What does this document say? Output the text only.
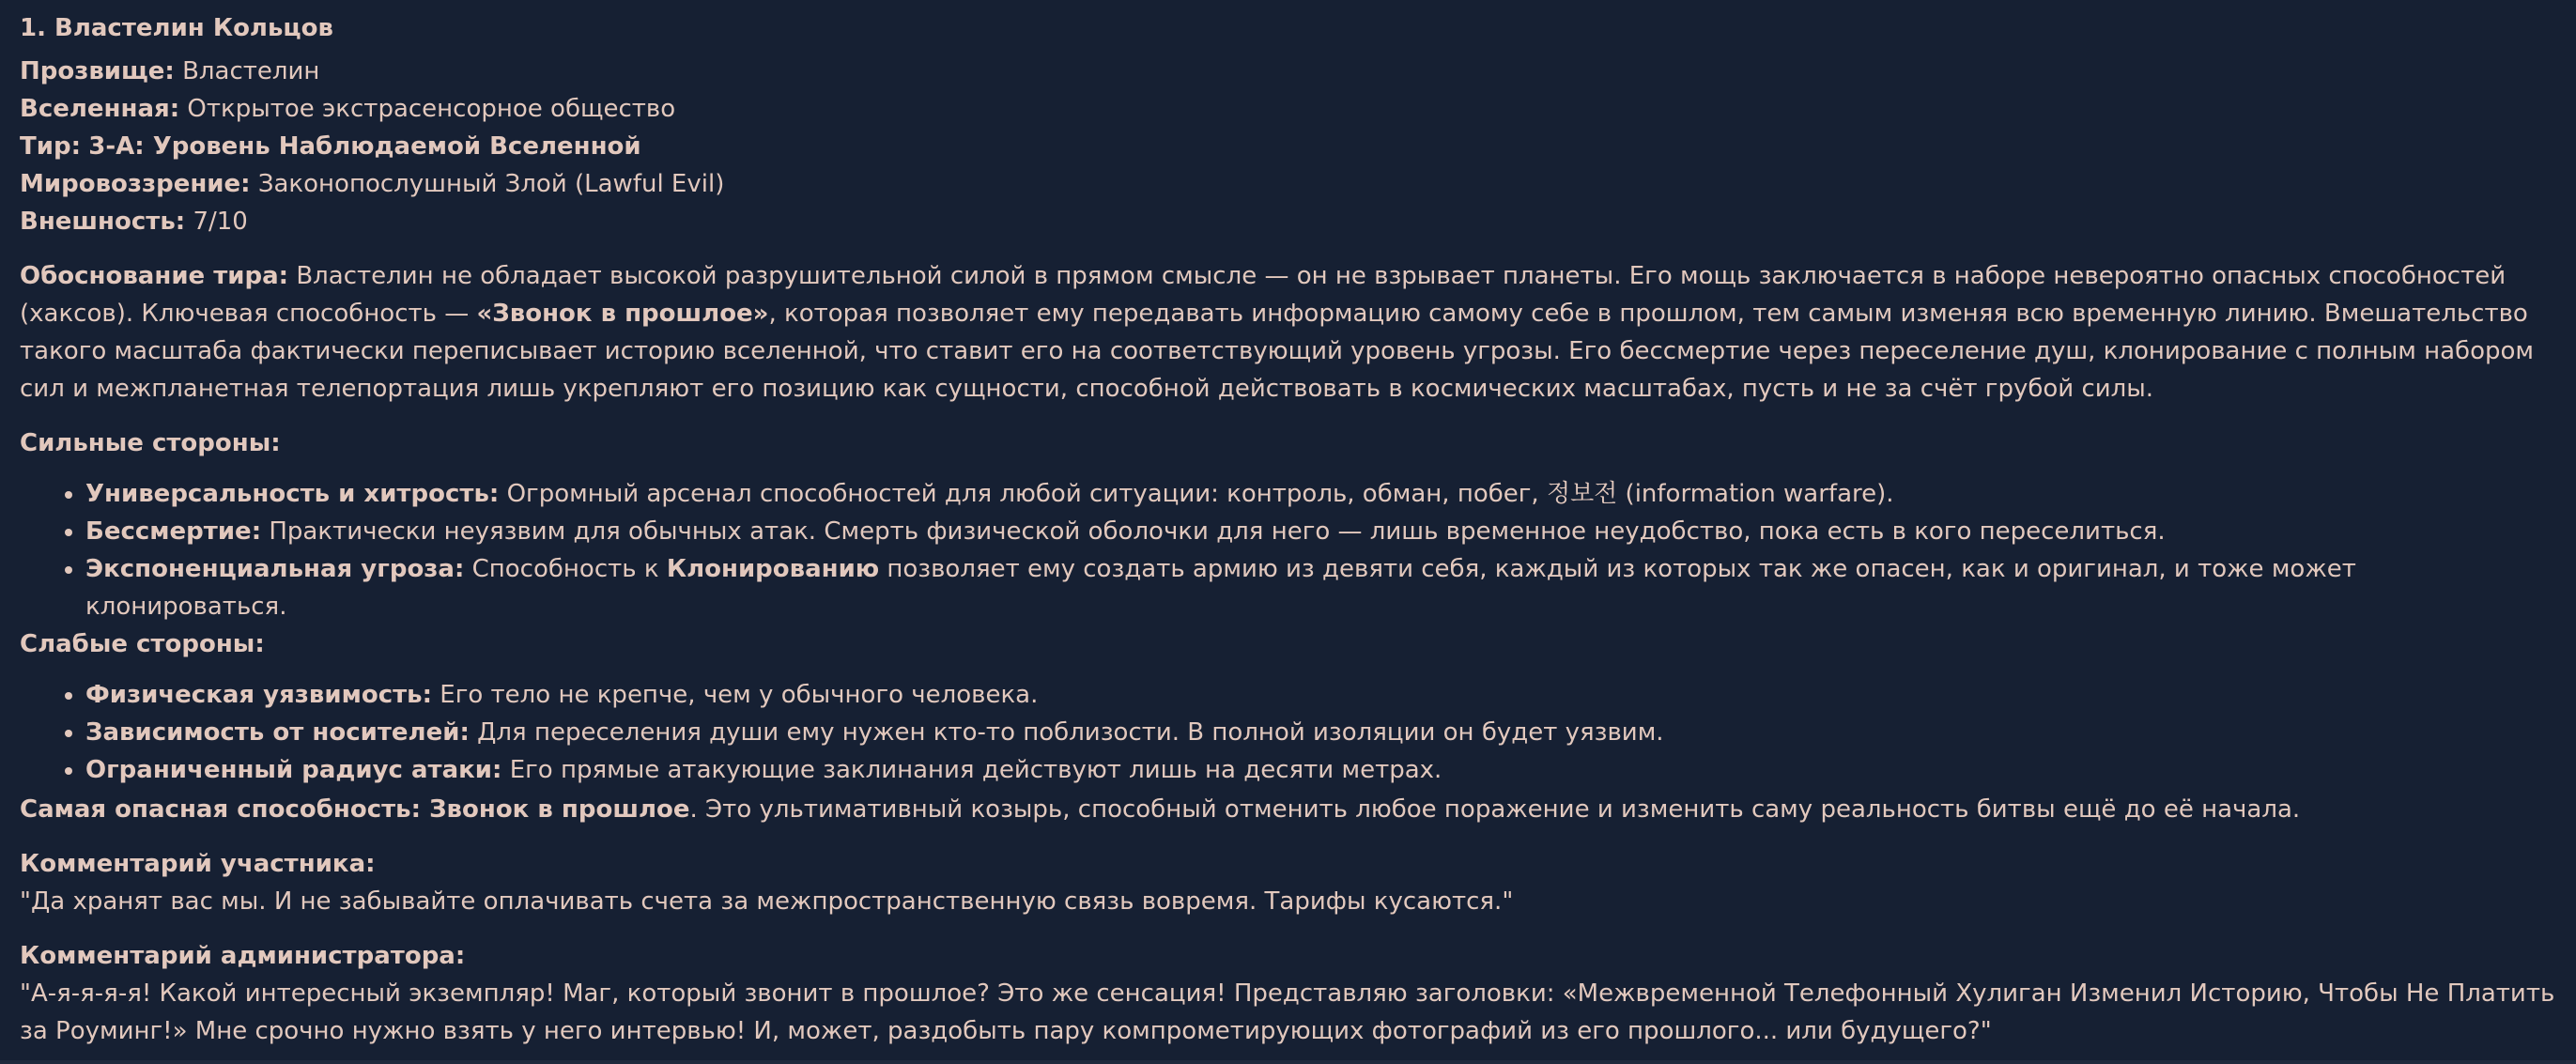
1. Властелин Кольцов

Прозвище: Властелин

Вселенная: Открытое экстрасенсорное общество

Тир: 3-А: Уровень Наблюдаемой Вселенной

Мировоззрение: Законопослушный Злой (Lawful Evil)

Внешность: 7/10

Обоснование тира: Властелин не обладает высокой разрушительной силой в прямом смысле — он не взрывает планеты. Его мощь заключается в наборе невероятно опасных способностей (хаксов). Ключевая способность — «Звонок в прошлое», которая позволяет ему передавать информацию самому себе в прошлом, тем самым изменяя всю временную линию. Вмешательство такого масштаба фактически переписывает историю вселенной, что ставит его на соответствующий уровень угрозы. Его бессмертие через переселение душ, клонирование с полным набором сил и межпланетная телепортация лишь укрепляют его позицию как сущности, способной действовать в космических масштабах, пусть и не за счёт грубой силы.

Сильные стороны:

• Универсальность и хитрость: Огромный арсенал способностей для любой ситуации: контроль, обман, побег, 정보전 (information warfare).
• Бессмертие: Практически неуязвим для обычных атак. Смерть физической оболочки для него — лишь временное неудобство, пока есть в кого переселиться.
• Экспоненциальная угроза: Способность к Клонированию позволяет ему создать армию из девяти себя, каждый из которых так же опасен, как и оригинал, и тоже может клонироваться.

Слабые стороны:

• Физическая уязвимость: Его тело не крепче, чем у обычного человека.
• Зависимость от носителей: Для переселения души ему нужен кто-то поблизости. В полной изоляции он будет уязвим.
• Ограниченный радиус атаки: Его прямые атакующие заклинания действуют лишь на десяти метрах.

Самая опасная способность: Звонок в прошлое. Это ультимативный козырь, способный отменить любое поражение и изменить саму реальность битвы ещё до её начала.

Комментарий участника:

"Да хранят вас мы. И не забывайте оплачивать счета за межпространственную связь вовремя. Тарифы кусаются."

Комментарий администратора:

"А-я-я-я-я! Какой интересный экземпляр! Маг, который звонит в прошлое? Это же сенсация! Представляю заголовки: «Межвременной Телефонный Хулиган Изменил Историю, Чтобы Не Платить за Роуминг!» Мне срочно нужно взять у него интервью! И, может, раздобыть пару компрометирующих фотографий из его прошлого... или будущего?"
